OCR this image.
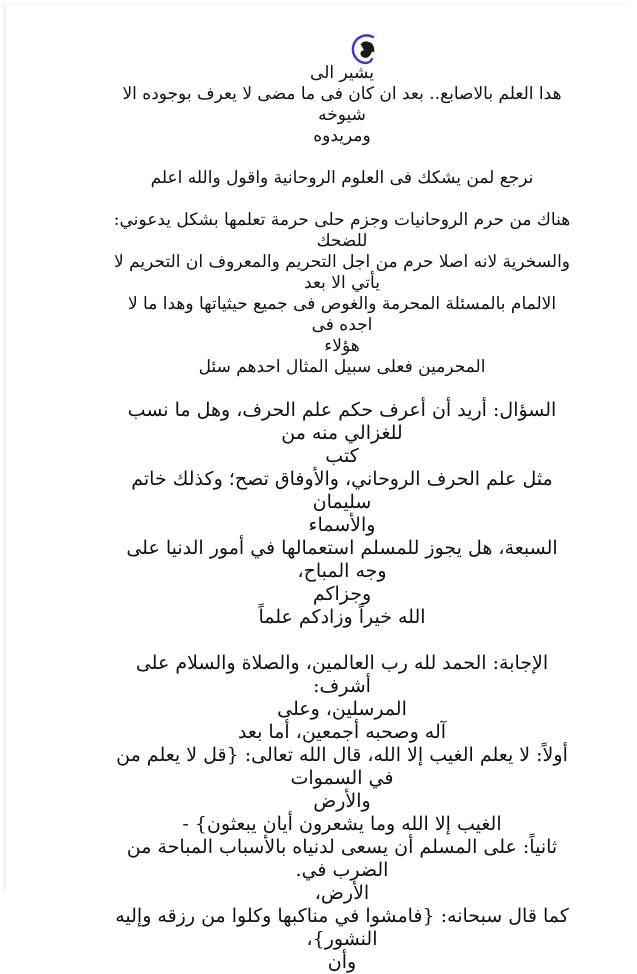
يشير الى

هدا العلم بالاصابع.. بعد ان كان فى ما مضى لا يعرف بوجوده الا
شيوخه

ومريدوه

نرجع لمن يشكك فى العلوم الروحانية واقول والله اعلم

هناك من حرم الروحانيات وجزم حلى حرمة تعلمها بشكل يدعوني:
للضحك

والسخرية لانه اصلا حرم من اجل التحريم والمعروف ان التحريم لا
يأتي الا بعد

الالمام بالمسئلة المحرمة والغوص فى جميع حيثياتها وهدا ما لا اجده فى
هؤلاء

المحرمين فعلى سبيل المثال احدهم سئل

السؤال: أريد أن أعرف حكم علم الحرف، وهل ما نسب للغزالي منه من
كتب

مثل علم الحرف الروحاني، والأوفاق تصح؛ وكذلك خاتم سليمان
والأسماء

السبعة، هل يجوز للمسلم استعمالها في أمور الدنيا على وجه المباح،
وجزاكم

الله خيراً وزادكم علماً

الإجابة: الحمد لله رب العالمين، والصلاة والسلام على أشرف:
المرسلين، وعلى

آله وصحبه أجمعين، أما بعد

أولاً: لا يعلم الغيب إلا الله، قال الله تعالى: {قل لا يعلم من في السموات
والأرض

الغيب إلا الله وما يشعرون أيان يبعثون} -

ثانياً: على المسلم أن يسعى لدنياه بالأسباب المباحة من الضرب في.
الأرض،

كما قال سبحانه: {فامشوا في مناكبها وكلوا من رزقه وإليه النشور}،
وأن
